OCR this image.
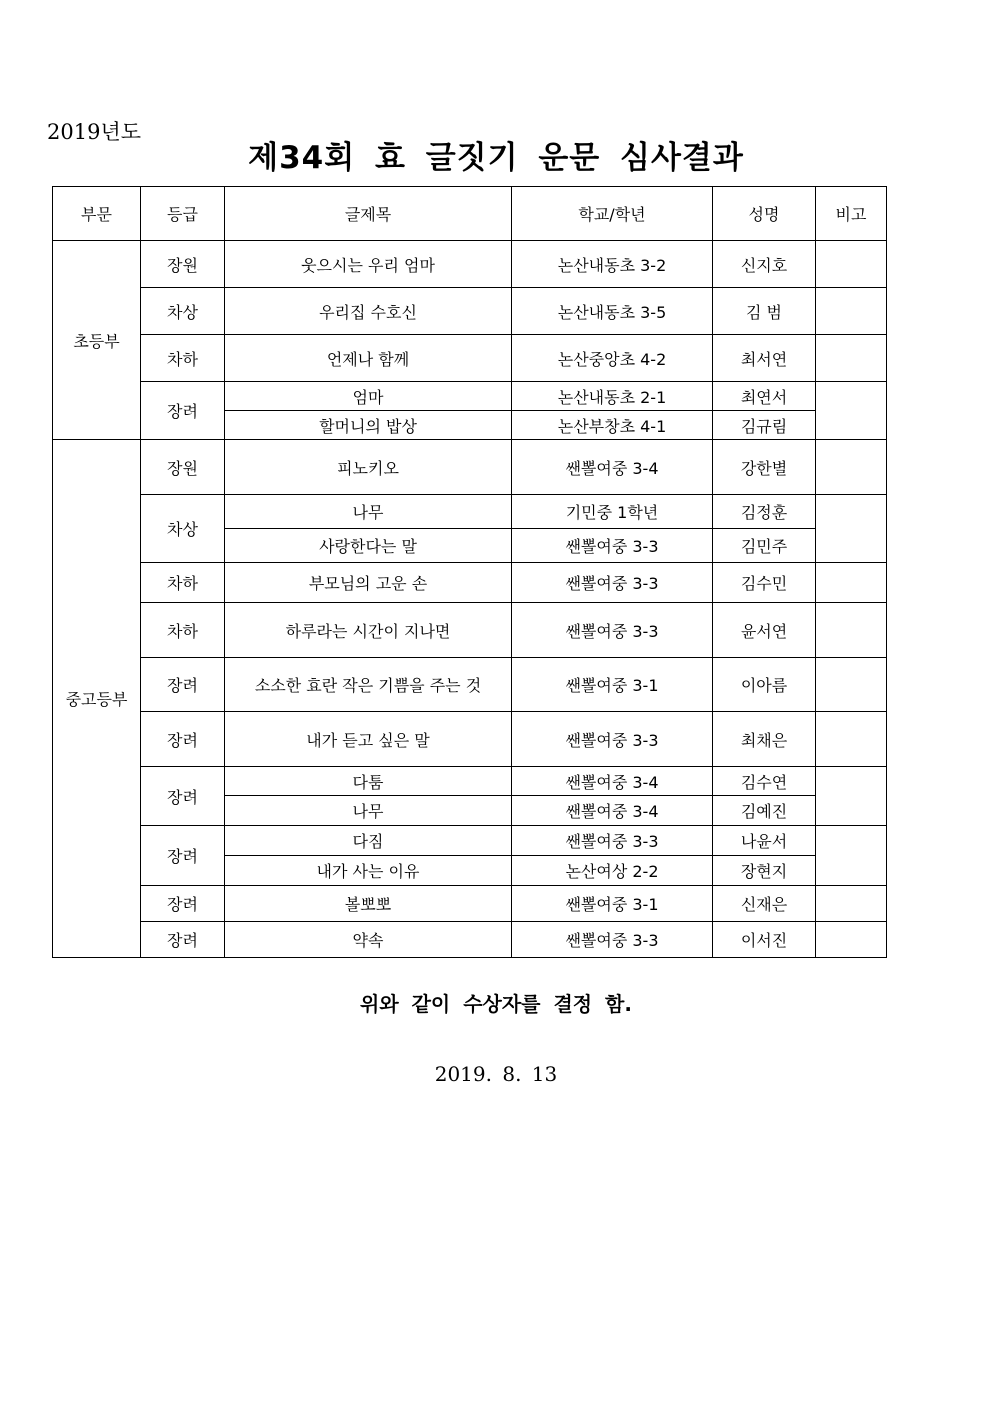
2019년도
제34회 효 글짓기 운문 심사결과
부문	등급	글제목	학교/학년	성명	비고
초등부	장원	웃으시는 우리 엄마	논산내동초 3-2	신지호	
	차상	우리집 수호신	논산내동초 3-5	김 범	
	차하	언제나 함께	논산중앙초 4-2	최서연	
	장려	엄마	논산내동초 2-1	최연서	
		할머니의 밥상	논산부창초 4-1	김규림	
중고등부	장원	피노키오	쌘뽈여중 3-4	강한별	
	차상	나무	기민중 1학년	김정훈	
		사랑한다는 말	쌘뽈여중 3-3	김민주	
	차하	부모님의 고운 손	쌘뽈여중 3-3	김수민	
	차하	하루라는 시간이 지나면	쌘뽈여중 3-3	윤서연	
	장려	소소한 효란 작은 기쁨을 주는 것	쌘뽈여중 3-1	이아름	
	장려	내가 듣고 싶은 말	쌘뽈여중 3-3	최채은	
	장려	다툼	쌘뽈여중 3-4	김수연	
		나무	쌘뽈여중 3-4	김예진	
	장려	다짐	쌘뽈여중 3-3	나윤서	
		내가 사는 이유	논산여상 2-2	장현지	
	장려	볼뽀뽀	쌘뽈여중 3-1	신재은	
	장려	약속	쌘뽈여중 3-3	이서진	
위와 같이 수상자를 결정 함.
2019. 8. 13
